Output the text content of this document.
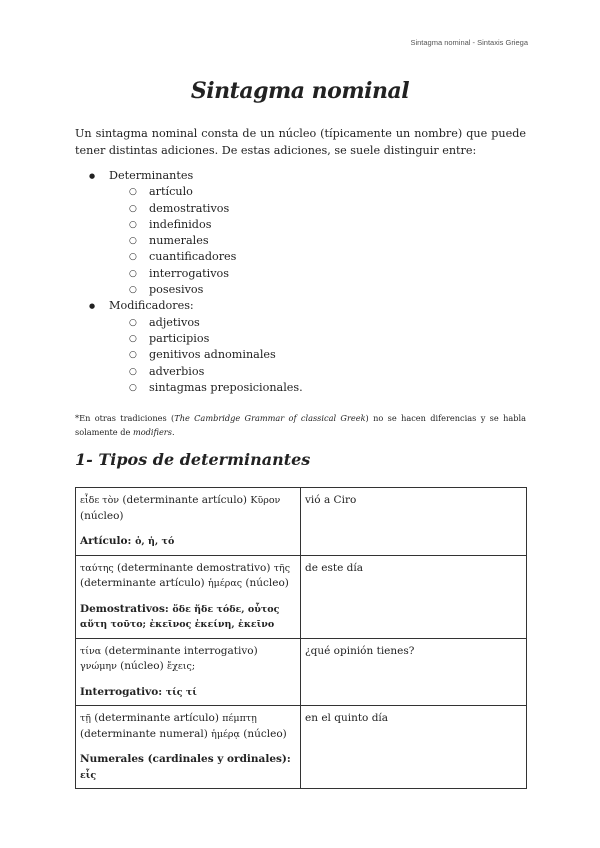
Sintagma nominal - Sintaxis Griega
Sintagma nominal
Un sintagma nominal consta de un núcleo (típicamente un nombre) que puede tener distintas adiciones. De estas adiciones, se suele distinguir entre:
● Determinantes
○ artículo
○ demostrativos
○ indefinidos
○ numerales
○ cuantificadores
○ interrogativos
○ posesivos
● Modificadores:
○ adjetivos
○ participios
○ genitivos adnominales
○ adverbios
○ sintagmas preposicionales.
*En otras tradiciones (The Cambridge Grammar of classical Greek) no se hacen diferencias y se habla solamente de modifiers.
1- Tipos de determinantes
εἶδε τὸν (determinante artículo) Κῦρον (núcleo)
Artículo: ὁ, ἡ, τό	vió a Ciro

ταύτης (determinante demostrativo) τῆς (determinante artículo) ἡμέρας (núcleo)
Demostrativos: ὅδε ἥδε τόδε, οὗτος αὕτη τοῦτο; ἐκεῖνος ἐκείνη, ἐκεῖνο	de este día

τίνα (determinante interrogativo) γνώμην (núcleo) ἔχεις;
Interrogativo: τίς τί	¿qué opinión tienes?

τῇ (determinante artículo) πέμπτῃ (determinante numeral) ἡμέρᾳ (núcleo)
Numerales (cardinales y ordinales): εἷς	en el quinto día
